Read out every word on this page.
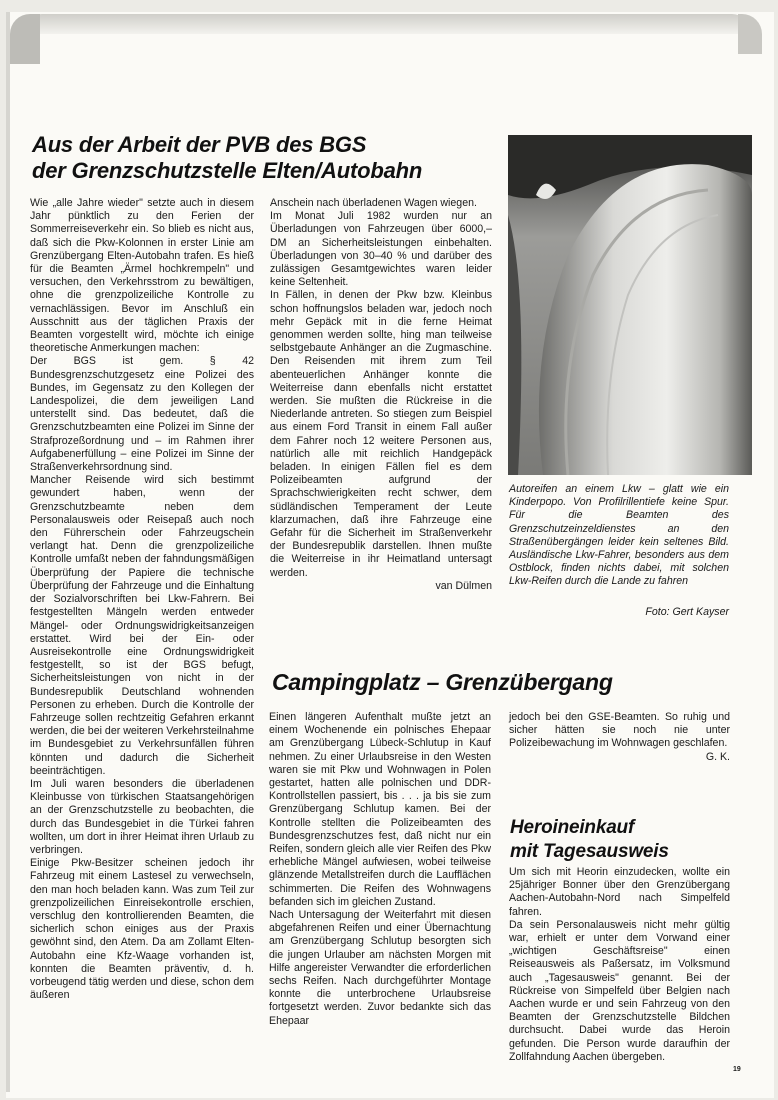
Aus der Arbeit der PVB des BGS
der Grenzschutzstelle Elten/Autobahn

Wie „alle Jahre wieder" setzte auch in diesem Jahr pünktlich zu den Ferien der Sommerreiseverkehr ein. So blieb es nicht aus, daß sich die Pkw-Kolonnen in erster Linie am Grenzübergang Elten-Autobahn trafen. Es hieß für die Beamten „Ärmel hochkrempeln" und versuchen, den Verkehrsstrom zu bewältigen, ohne die grenzpolizeiliche Kontrolle zu vernachlässigen. Bevor im Anschluß ein Ausschnitt aus der täglichen Praxis der Beamten vorgestellt wird, möchte ich einige theoretische Anmerkungen machen:

Der BGS ist gem. § 42 Bundesgrenzschutzgesetz eine Polizei des Bundes, im Gegensatz zu den Kollegen der Landespolizei, die dem jeweiligen Land unterstellt sind. Das bedeutet, daß die Grenzschutzbeamten eine Polizei im Sinne der Strafprozeßordnung und – im Rahmen ihrer Aufgabenerfüllung – eine Polizei im Sinne der Straßenverkehrsordnung sind.

Mancher Reisende wird sich bestimmt gewundert haben, wenn der Grenzschutzbeamte neben dem Personalausweis oder Reisepaß auch noch den Führerschein oder Fahrzeugschein verlangt hat. Denn die grenzpolizeiliche Kontrolle umfaßt neben der fahndungsmäßigen Überprüfung der Papiere die technische Überprüfung der Fahrzeuge und die Einhaltung der Sozialvorschriften bei Lkw-Fahrern. Bei festgestellten Mängeln werden entweder Mängel- oder Ordnungswidrigkeitsanzeigen erstattet. Wird bei der Ein- oder Ausreisekontrolle eine Ordnungswidrigkeit festgestellt, so ist der BGS befugt, Sicherheitsleistungen von nicht in der Bundesrepublik Deutschland wohnenden Personen zu erheben. Durch die Kontrolle der Fahrzeuge sollen rechtzeitig Gefahren erkannt werden, die bei der weiteren Verkehrsteilnahme im Bundesgebiet zu Verkehrsunfällen führen könnten und dadurch die Sicherheit beeinträchtigen.

Im Juli waren besonders die überladenen Kleinbusse von türkischen Staatsangehörigen an der Grenzschutzstelle zu beobachten, die durch das Bundesgebiet in die Türkei fahren wollten, um dort in ihrer Heimat ihren Urlaub zu verbringen.

Einige Pkw-Besitzer scheinen jedoch ihr Fahrzeug mit einem Lastesel zu verwechseln, den man hoch beladen kann. Was zum Teil zur grenzpolizeilichen Einreisekontrolle erschien, verschlug den kontrollierenden Beamten, die sicherlich schon einiges aus der Praxis gewöhnt sind, den Atem. Da am Zollamt Elten-Autobahn eine Kfz-Waage vorhanden ist, konnten die Beamten präventiv, d. h. vorbeugend tätig werden und diese, schon dem äußeren

Anschein nach überladenen Wagen wiegen.

Im Monat Juli 1982 wurden nur an Überladungen von Fahrzeugen über 6000,– DM an Sicherheitsleistungen einbehalten. Überladungen von 30–40 % und darüber des zulässigen Gesamtgewichtes waren leider keine Seltenheit.

In Fällen, in denen der Pkw bzw. Kleinbus schon hoffnungslos beladen war, jedoch noch mehr Gepäck mit in die ferne Heimat genommen werden sollte, hing man teilweise selbstgebaute Anhänger an die Zugmaschine. Den Reisenden mit ihrem zum Teil abenteuerlichen Anhänger konnte die Weiterreise dann ebenfalls nicht erstattet werden. Sie mußten die Rückreise in die Niederlande antreten. So stiegen zum Beispiel aus einem Ford Transit in einem Fall außer dem Fahrer noch 12 weitere Personen aus, natürlich alle mit reichlich Handgepäck beladen. In einigen Fällen fiel es dem Polizeibeamten aufgrund der Sprachschwierigkeiten recht schwer, dem südländischen Temperament der Leute klarzumachen, daß ihre Fahrzeuge eine Gefahr für die Sicherheit im Straßenverkehr der Bundesrepublik darstellen. Ihnen mußte die Weiterreise in ihr Heimatland untersagt werden.

van Dülmen

Autoreifen an einem Lkw – glatt wie ein Kinderpopo. Von Profilrillentiefe keine Spur. Für die Beamten des Grenzschutzeinzeldienstes an den Straßenübergängen leider kein seltenes Bild. Ausländische Lkw-Fahrer, besonders aus dem Ostblock, finden nichts dabei, mit solchen Lkw-Reifen durch die Lande zu fahren

Foto: Gert Kayser
Campingplatz – Grenzübergang

Einen längeren Aufenthalt mußte jetzt an einem Wochenende ein polnisches Ehepaar am Grenzübergang Lübeck-Schlutup in Kauf nehmen. Zu einer Urlaubsreise in den Westen waren sie mit Pkw und Wohnwagen in Polen gestartet, hatten alle polnischen und DDR-Kontrollstellen passiert, bis . . . ja bis sie zum Grenzübergang Schlutup kamen. Bei der Kontrolle stellten die Polizeibeamten des Bundesgrenzschutzes fest, daß nicht nur ein Reifen, sondern gleich alle vier Reifen des Pkw erhebliche Mängel aufwiesen, wobei teilweise glänzende Metallstreifen durch die Laufflächen schimmerten. Die Reifen des Wohnwagens befanden sich im gleichen Zustand.

Nach Untersagung der Weiterfahrt mit diesen abgefahrenen Reifen und einer Übernachtung am Grenzübergang Schlutup besorgten sich die jungen Urlauber am nächsten Morgen mit Hilfe angereister Verwandter die erforderlichen sechs Reifen. Nach durchgeführter Montage konnte die unterbrochene Urlaubsreise fortgesetzt werden. Zuvor bedankte sich das Ehepaar

jedoch bei den GSE-Beamten. So ruhig und sicher hätten sie noch nie unter Polizeibewachung im Wohnwagen geschlafen.

G. K.
Heroineinkauf
mit Tagesausweis

Um sich mit Heorin einzudecken, wollte ein 25jähriger Bonner über den Grenzübergang Aachen-Autobahn-Nord nach Simpelfeld fahren.

Da sein Personalausweis nicht mehr gültig war, erhielt er unter dem Vorwand einer „wichtigen Geschäftsreise" einen Reiseausweis als Paßersatz, im Volksmund auch „Tagesausweis" genannt. Bei der Rückreise von Simpelfeld über Belgien nach Aachen wurde er und sein Fahrzeug von den Beamten der Grenzschutzstelle Bildchen durchsucht. Dabei wurde das Heroin gefunden. Die Person wurde daraufhin der Zollfahndung Aachen übergeben.

19
